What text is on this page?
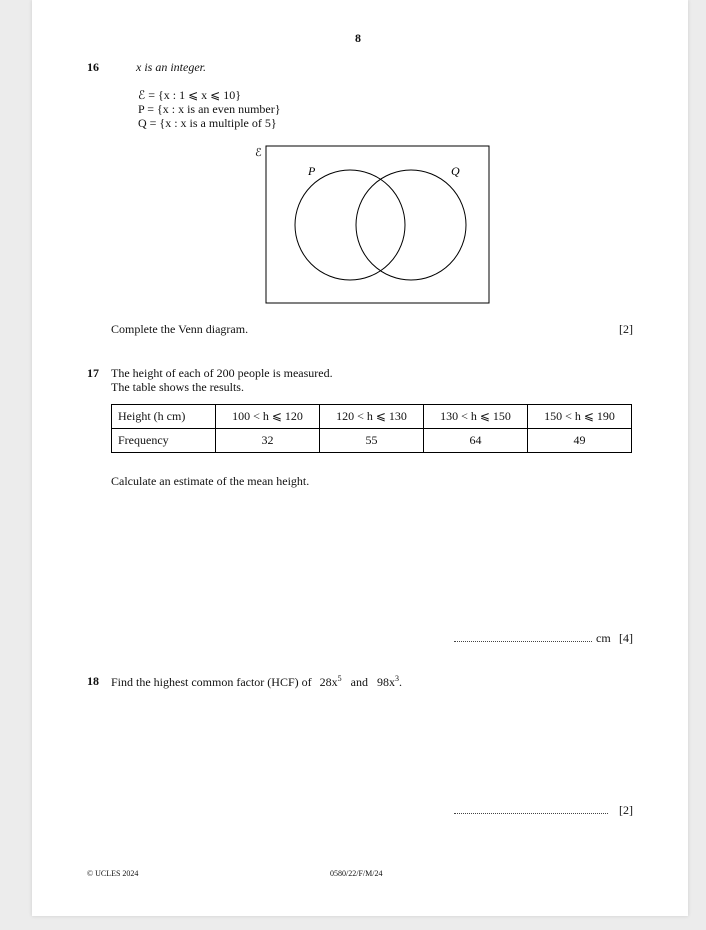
8
16	x is an integer.
ℰ = {x : 1 ⩽ x ⩽ 10}
P = {x : x is an even number}
Q = {x : x is a multiple of 5}
ℰ
P	Q
Complete the Venn diagram.	[2]
17 The height of each of 200 people is measured.
The table shows the results.
Height (h cm)	100 < h ⩽ 120	120 < h ⩽ 130	130 < h ⩽ 150	150 < h ⩽ 190
Frequency	32	55	64	49
Calculate an estimate of the mean height.
cm [4]
18 Find the highest common factor (HCF) of $28x^5$ and $98x^3$.
[2]
© UCLES 2024	0580/22/F/M/24
